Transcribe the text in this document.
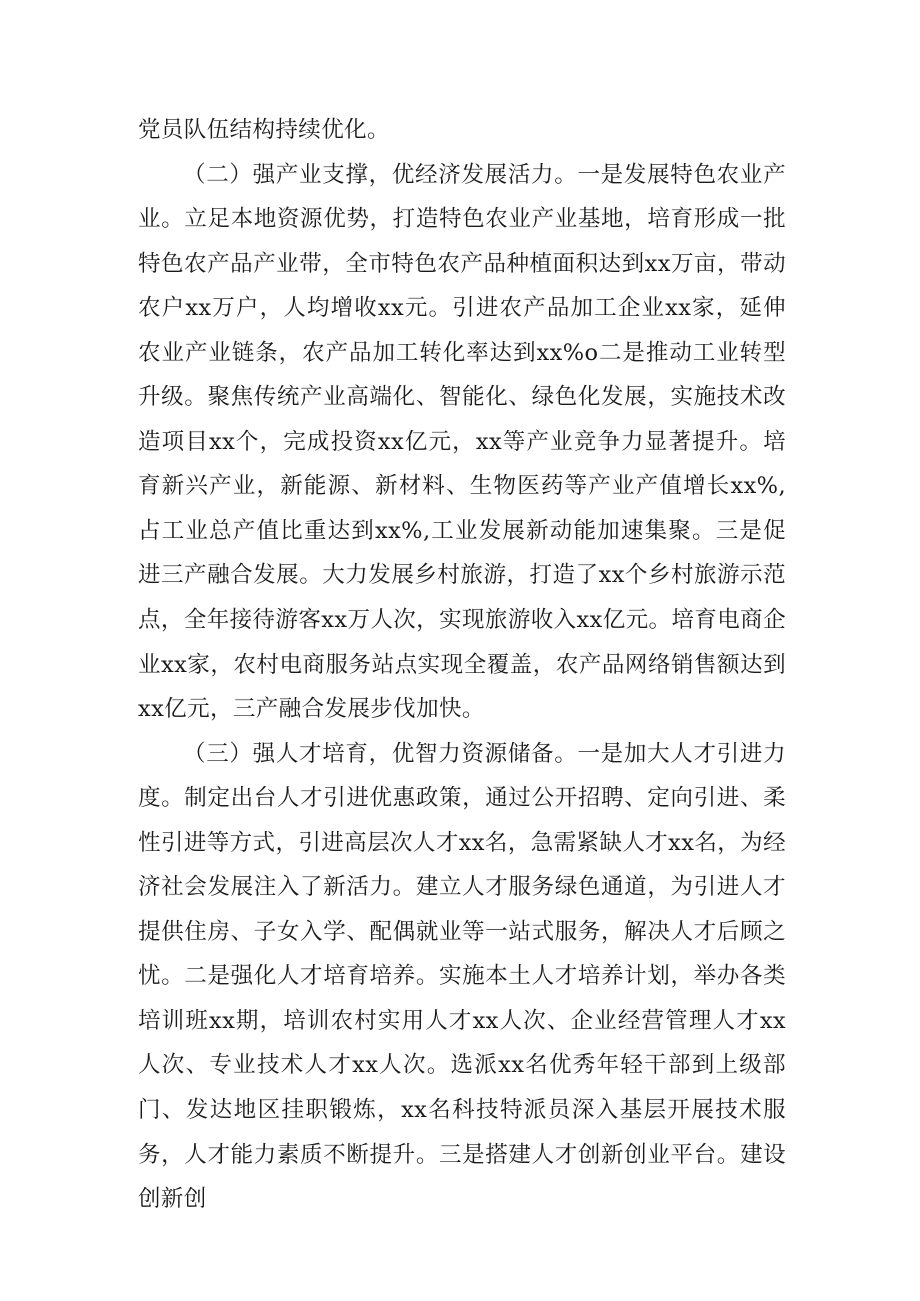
党员队伍结构持续优化。

（二）强产业支撑，优经济发展活力。一是发展特色农业产业。立足本地资源优势，打造特色农业产业基地，培育形成一批特色农产品产业带，全市特色农产品种植面积达到xx万亩，带动农户xx万户，人均增收xx元。引进农产品加工企业xx家，延伸农业产业链条，农产品加工转化率达到xx%o二是推动工业转型升级。聚焦传统产业高端化、智能化、绿色化发展，实施技术改造项目xx个，完成投资xx亿元，xx等产业竞争力显著提升。培育新兴产业，新能源、新材料、生物医药等产业产值增长xx%,占工业总产值比重达到xx%,工业发展新动能加速集聚。三是促进三产融合发展。大力发展乡村旅游，打造了xx个乡村旅游示范点，全年接待游客xx万人次，实现旅游收入xx亿元。培育电商企业xx家，农村电商服务站点实现全覆盖，农产品网络销售额达到xx亿元，三产融合发展步伐加快。

（三）强人才培育，优智力资源储备。一是加大人才引进力度。制定出台人才引进优惠政策，通过公开招聘、定向引进、柔性引进等方式，引进高层次人才xx名，急需紧缺人才xx名，为经济社会发展注入了新活力。建立人才服务绿色通道，为引进人才提供住房、子女入学、配偶就业等一站式服务，解决人才后顾之忧。二是强化人才培育培养。实施本土人才培养计划，举办各类培训班xx期，培训农村实用人才xx人次、企业经营管理人才xx人次、专业技术人才xx人次。选派xx名优秀年轻干部到上级部门、发达地区挂职锻炼，xx名科技特派员深入基层开展技术服务，人才能力素质不断提升。三是搭建人才创新创业平台。建设创新创
